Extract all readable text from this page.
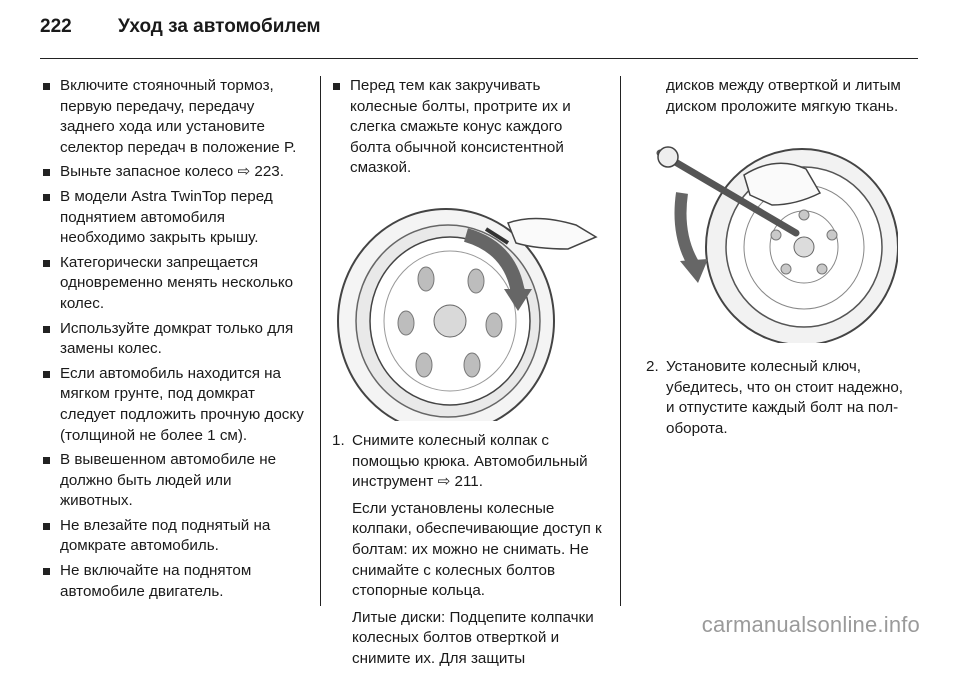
222	Уход за автомобилем
Включите стояночный тормоз, первую передачу, передачу заднего хода или установите селектор передач в положение P.
Выньте запасное колесо ⇨ 223.
В модели Astra TwinTop перед поднятием автомобиля необходимо закрыть крышу.
Категорически запрещается одновременно менять несколько колес.
Используйте домкрат только для замены колес.
Если автомобиль находится на мягком грунте, под домкрат следует подложить прочную доску (толщиной не более 1 см).
В вывешенном автомобиле не должно быть людей или животных.
Не влезайте под поднятый на домкрате автомобиль.
Не включайте на поднятом автомобиле двигатель.
Перед тем как закручивать колесные болты, протрите их и слегка смажьте конус каждого болта обычной консистентной смазкой.
1. Снимите колесный колпак с помощью крюка. Автомобильный инструмент ⇨ 211.
Если установлены колесные колпаки, обеспечивающие доступ к болтам: их можно не снимать. Не снимайте с колесных болтов стопорные кольца.
Литые диски: Подцепите колпачки колесных болтов отверткой и снимите их. Для защиты
дисков между отверткой и литым диском проложите мягкую ткань.
2. Установите колесный ключ, убедитесь, что он стоит надежно, и отпустите каждый болт на пол-оборота.
carmanualsonline.info
